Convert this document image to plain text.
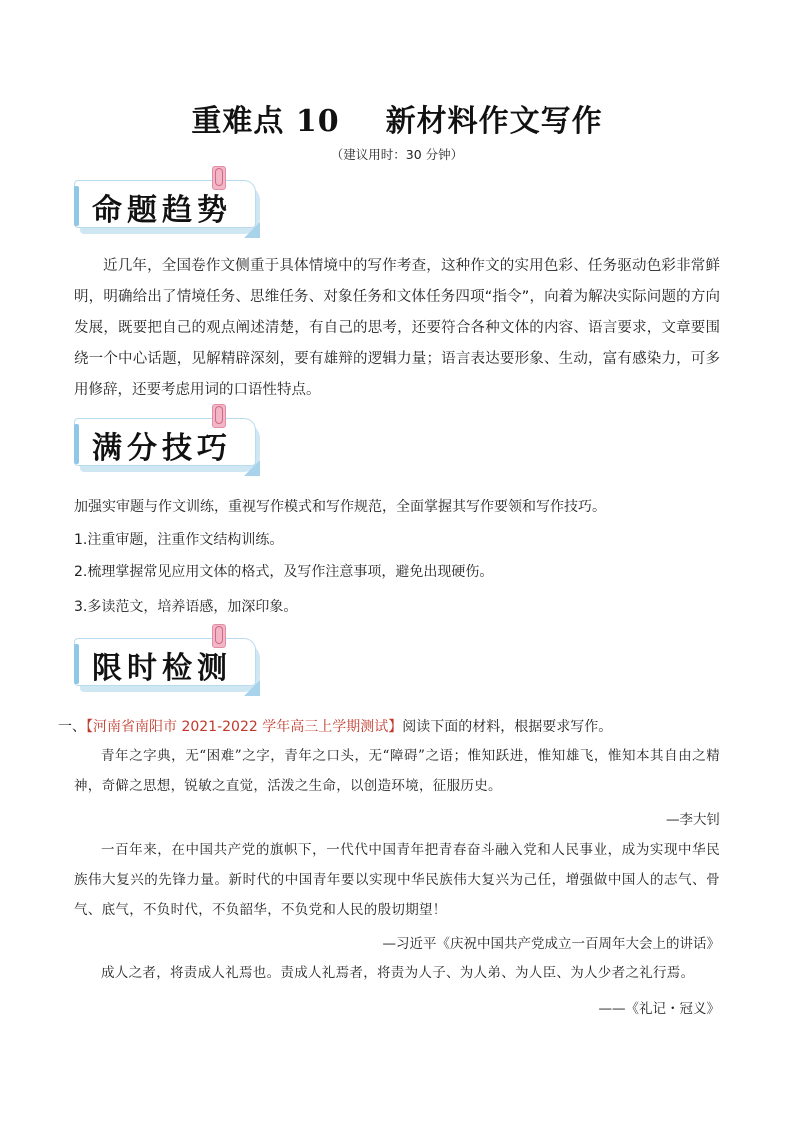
重难点 10 新材料作文写作
（建议用时：30 分钟）
命题趋势
近几年，全国卷作文侧重于具体情境中的写作考查，这种作文的实用色彩、任务驱动色彩非常鲜明，明确给出了情境任务、思维任务、对象任务和文体任务四项“指令”，向着为解决实际问题的方向发展，既要把自己的观点阐述清楚，有自己的思考，还要符合各种文体的内容、语言要求，文章要围绕一个中心话题，见解精辟深刻，要有雄辩的逻辑力量；语言表达要形象、生动，富有感染力，可多用修辞，还要考虑用词的口语性特点。
满分技巧
加强实审题与作文训练，重视写作模式和写作规范，全面掌握其写作要领和写作技巧。
1.注重审题，注重作文结构训练。
2.梳理掌握常见应用文体的格式，及写作注意事项，避免出现硬伤。
3.多读范文，培养语感，加深印象。
限时检测
一、【河南省南阳市 2021-2022 学年高三上学期测试】阅读下面的材料，根据要求写作。
青年之字典，无“困难”之字，青年之口头，无“障碍”之语；惟知跃进，惟知雄飞，惟知本其自由之精神，奇僻之思想，锐敏之直觉，活泼之生命，以创造环境，征服历史。
—李大钊
一百年来，在中国共产党的旗帜下，一代代中国青年把青春奋斗融入党和人民事业，成为实现中华民族伟大复兴的先锋力量。新时代的中国青年要以实现中华民族伟大复兴为己任，增强做中国人的志气、骨气、底气，不负时代，不负韶华，不负党和人民的殷切期望！
—习近平《庆祝中国共产党成立一百周年大会上的讲话》
成人之者，将责成人礼焉也。责成人礼焉者，将责为人子、为人弟、为人臣、为人少者之礼行焉。
——《礼记・冠义》
